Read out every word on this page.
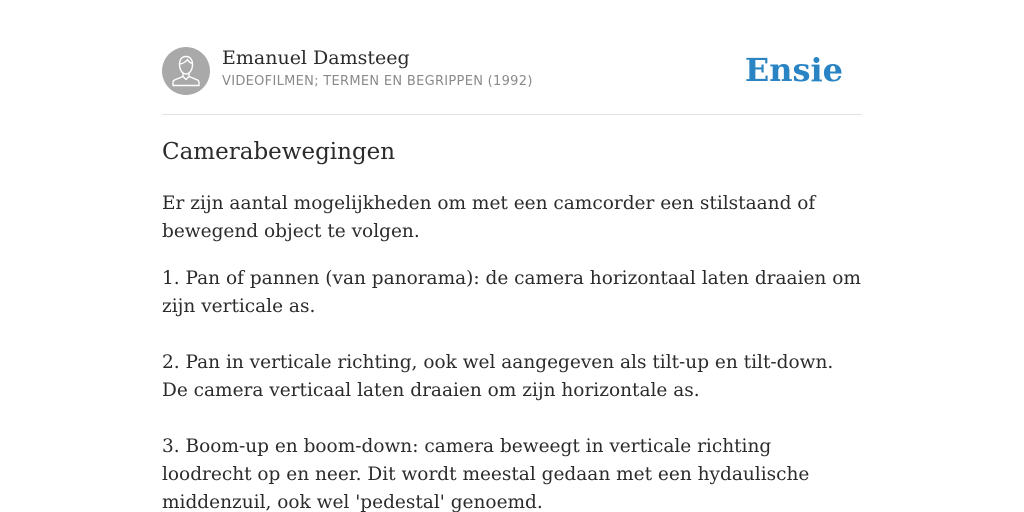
Emanuel Damsteeg
VIDEOFILMEN; TERMEN EN BEGRIPPEN (1992)	Ensie
Camerabewegingen

Er zijn aantal mogelijkheden om met een camcorder een stilstaand of bewegend object te volgen.

1. Pan of pannen (van panorama): de camera horizontaal laten draaien om zijn verticale as.

2. Pan in verticale richting, ook wel aangegeven als tilt-up en tilt-down. De camera verticaal laten draaien om zijn horizontale as.

3. Boom-up en boom-down: camera beweegt in verticale richting loodrecht op en neer. Dit wordt meestal gedaan met een hydaulische middenzuil, ook wel 'pedestal' genoemd.
